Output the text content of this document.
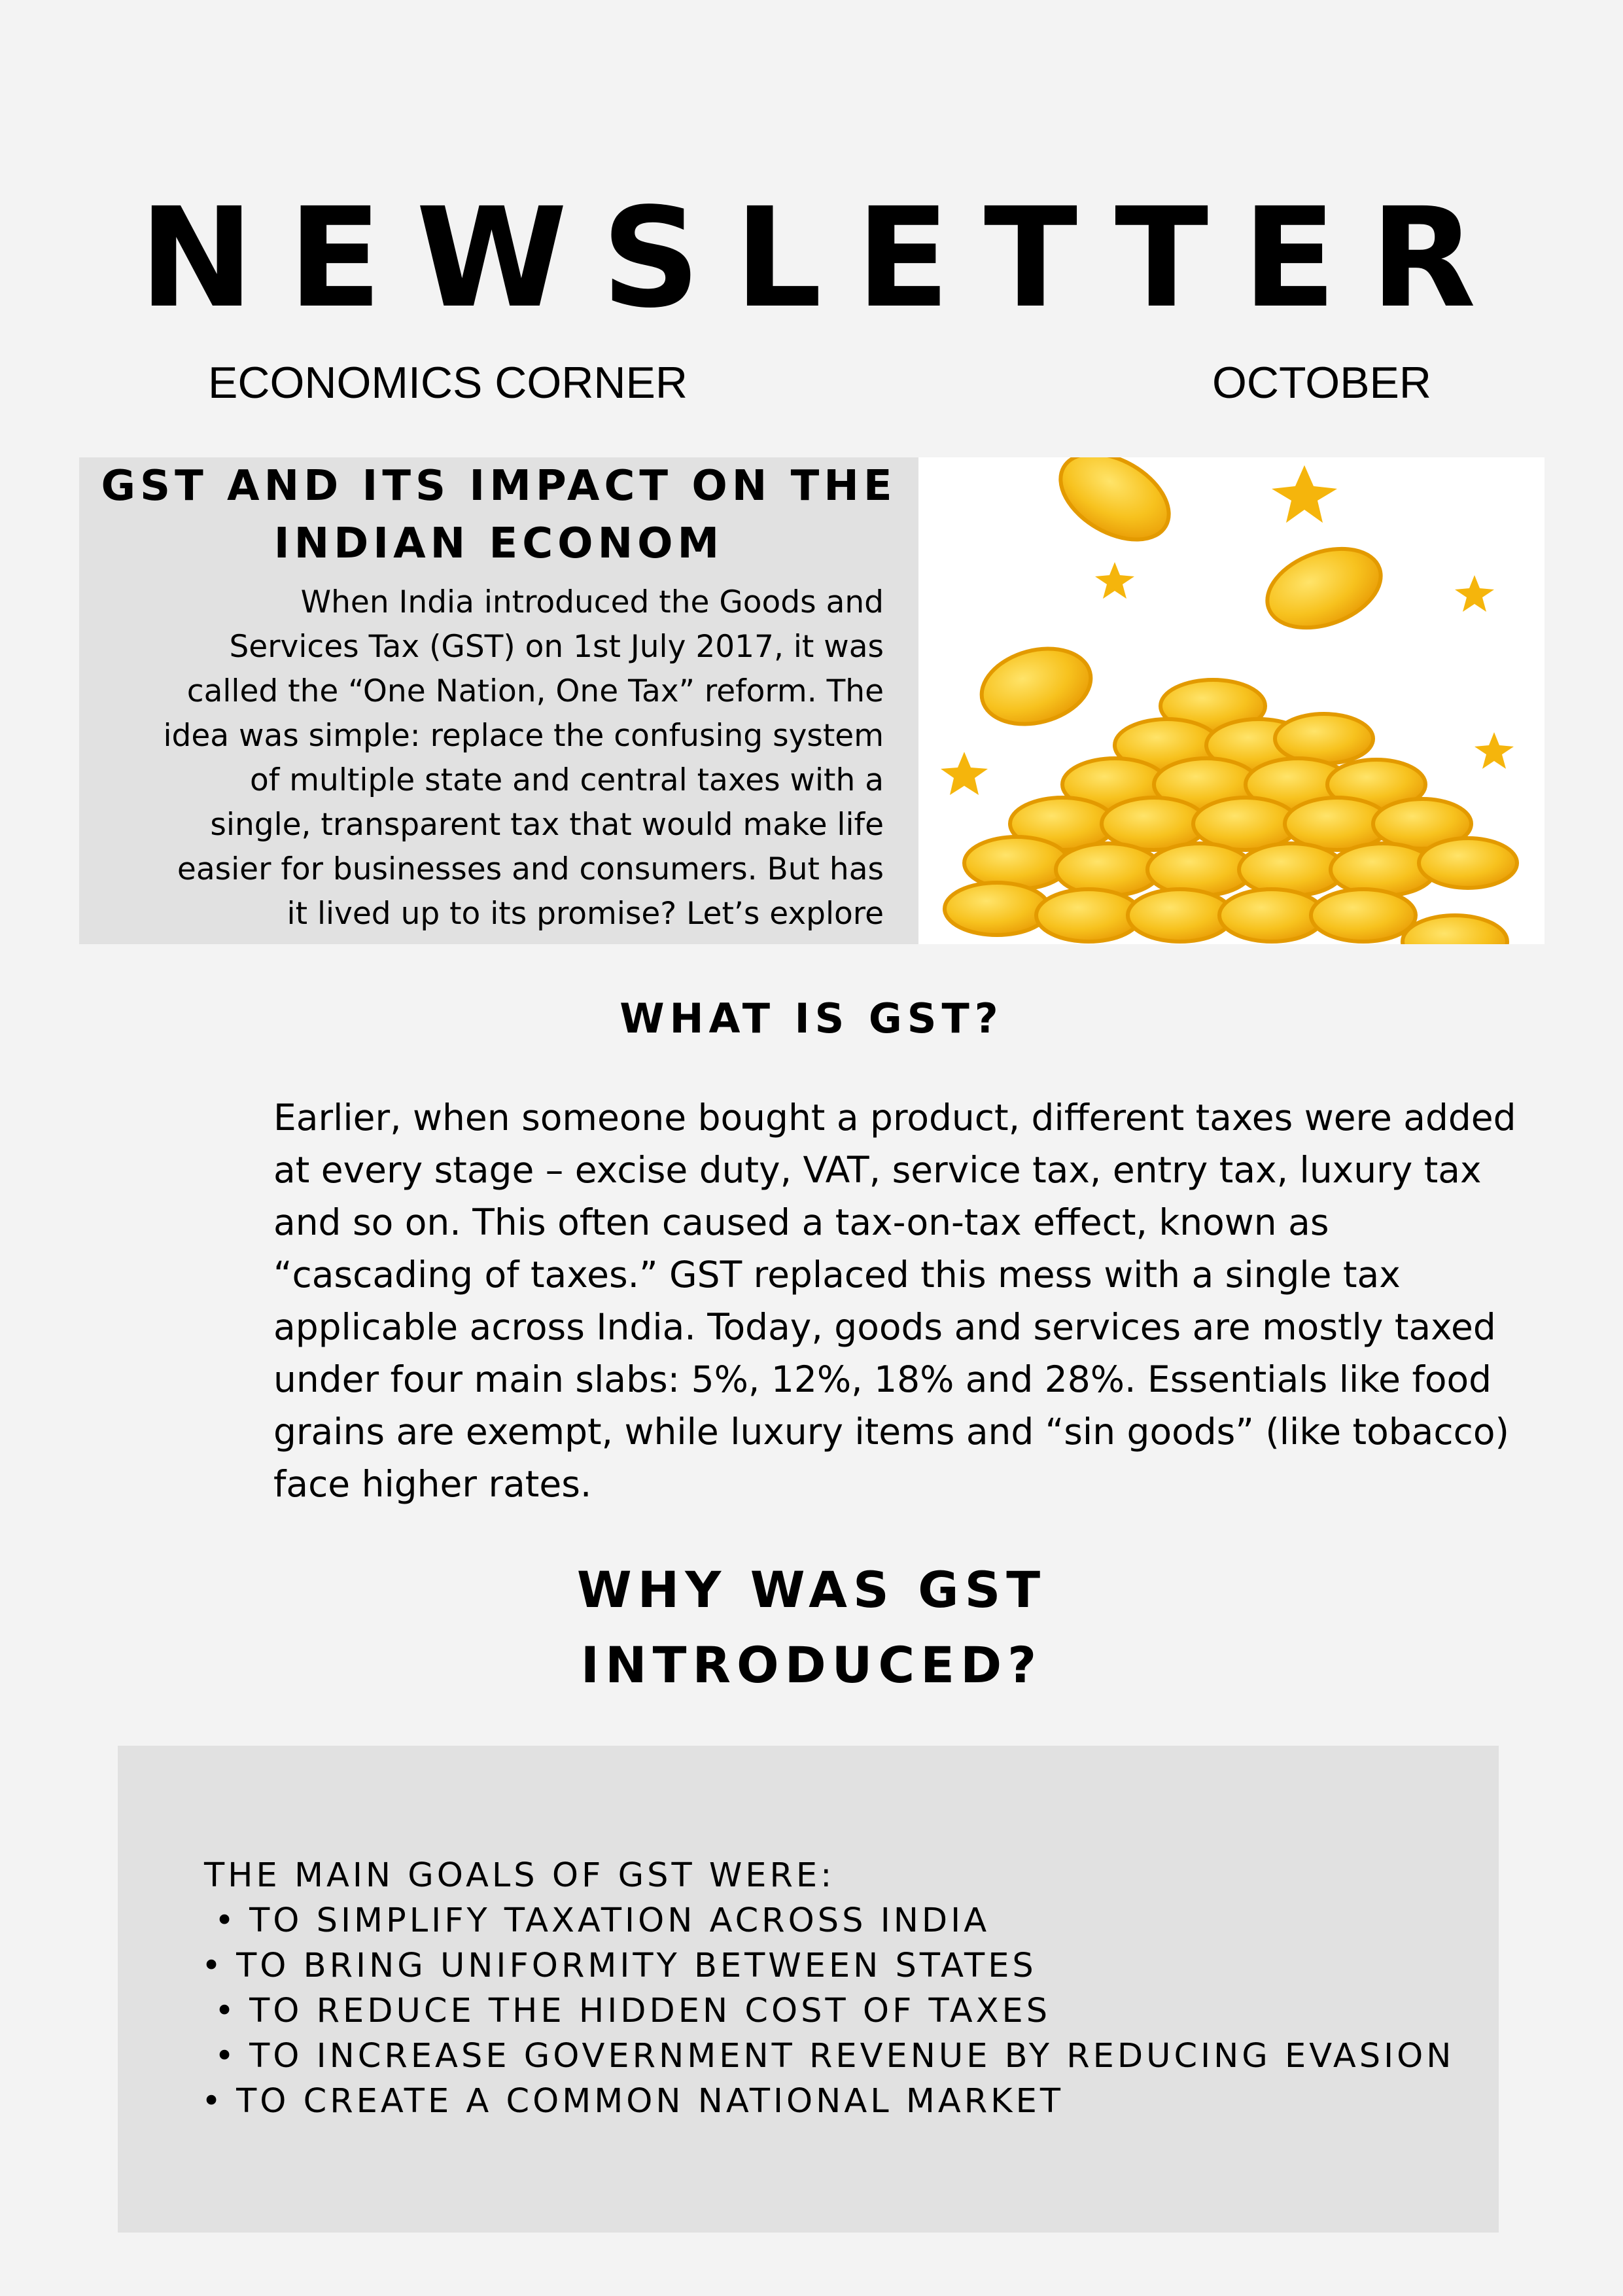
NEWSLETTER
ECONOMICS CORNER	OCTOBER
GST AND ITS IMPACT ON THE
INDIAN ECONOM
When India introduced the Goods and
Services Tax (GST) on 1st July 2017, it was
called the “One Nation, One Tax” reform. The
idea was simple: replace the confusing system
of multiple state and central taxes with a
single, transparent tax that would make life
easier for businesses and consumers. But has
it lived up to its promise? Let’s explore
WHAT IS GST?
Earlier, when someone bought a product, different taxes were added
at every stage – excise duty, VAT, service tax, entry tax, luxury tax
and so on. This often caused a tax-on-tax effect, known as
“cascading of taxes.” GST replaced this mess with a single tax
applicable across India. Today, goods and services are mostly taxed
under four main slabs: 5%, 12%, 18% and 28%. Essentials like food
grains are exempt, while luxury items and “sin goods” (like tobacco)
face higher rates.
WHY WAS GST
INTRODUCED?
THE MAIN GOALS OF GST WERE:
• TO SIMPLIFY TAXATION ACROSS INDIA
• TO BRING UNIFORMITY BETWEEN STATES
• TO REDUCE THE HIDDEN COST OF TAXES
• TO INCREASE GOVERNMENT REVENUE BY REDUCING EVASION
• TO CREATE A COMMON NATIONAL MARKET
